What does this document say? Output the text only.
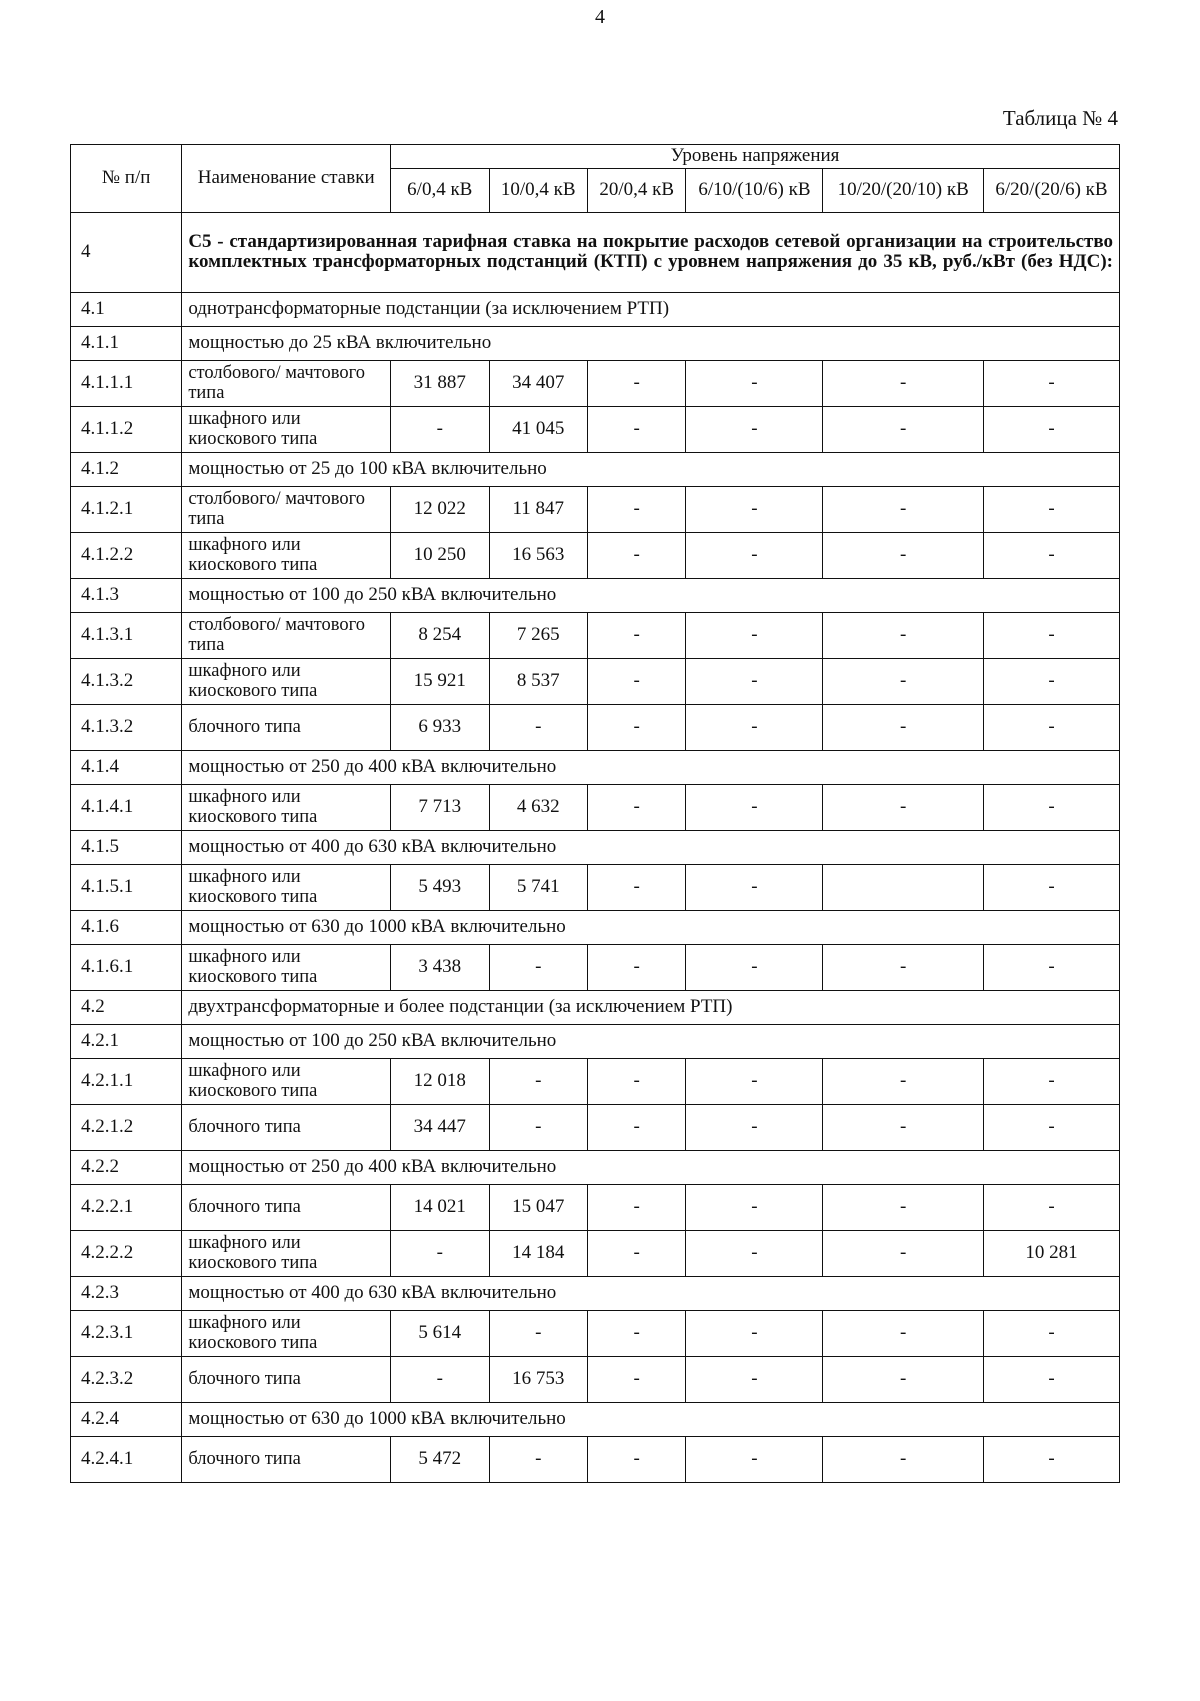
4
Таблица № 4
№ п/п	Наименование ставки	Уровень напряжения					
		6/0,4 кВ	10/0,4 кВ	20/0,4 кВ	6/10/(10/6) кВ	10/20/(20/10) кВ	6/20/(20/6) кВ
4	С5 - стандартизированная тарифная ставка на покрытие расходов сетевой организации на строительство комплектных трансформаторных подстанций (КТП) с уровнем напряжения до 35 кВ, руб./кВт (без НДС):						
4.1	однотрансформаторные подстанции (за исключением РТП)						
4.1.1	мощностью до 25 кВА включительно						
4.1.1.1	столбового/ мачтового типа	31 887	34 407	-	-	-	-
4.1.1.2	шкафного или киоскового типа	-	41 045	-	-	-	-
4.1.2	мощностью от 25 до 100 кВА включительно						
4.1.2.1	столбового/ мачтового типа	12 022	11 847	-	-	-	-
4.1.2.2	шкафного или киоскового типа	10 250	16 563	-	-	-	-
4.1.3	мощностью от 100 до 250 кВА включительно						
4.1.3.1	столбового/ мачтового типа	8 254	7 265	-	-	-	-
4.1.3.2	шкафного или киоскового типа	15 921	8 537	-	-	-	-
4.1.3.2	блочного типа	6 933	-	-	-	-	-
4.1.4	мощностью от 250 до 400 кВА включительно						
4.1.4.1	шкафного или киоскового типа	7 713	4 632	-	-	-	-
4.1.5	мощностью от 400 до 630 кВА включительно						
4.1.5.1	шкафного или киоскового типа	5 493	5 741	-	-		-
4.1.6	мощностью от 630 до 1000 кВА включительно						
4.1.6.1	шкафного или киоскового типа	3 438	-	-	-	-	-
4.2	двухтрансформаторные и более подстанции (за исключением РТП)						
4.2.1	мощностью от 100 до 250 кВА включительно						
4.2.1.1	шкафного или киоскового типа	12 018	-	-	-	-	-
4.2.1.2	блочного типа	34 447	-	-	-	-	-
4.2.2	мощностью от 250 до 400 кВА включительно						
4.2.2.1	блочного типа	14 021	15 047	-	-	-	-
4.2.2.2	шкафного или киоскового типа	-	14 184	-	-	-	10 281
4.2.3	мощностью от 400 до 630 кВА включительно						
4.2.3.1	шкафного или киоскового типа	5 614	-	-	-	-	-
4.2.3.2	блочного типа	-	16 753	-	-	-	-
4.2.4	мощностью от 630 до 1000 кВА включительно						
4.2.4.1	блочного типа	5 472	-	-	-	-	-
